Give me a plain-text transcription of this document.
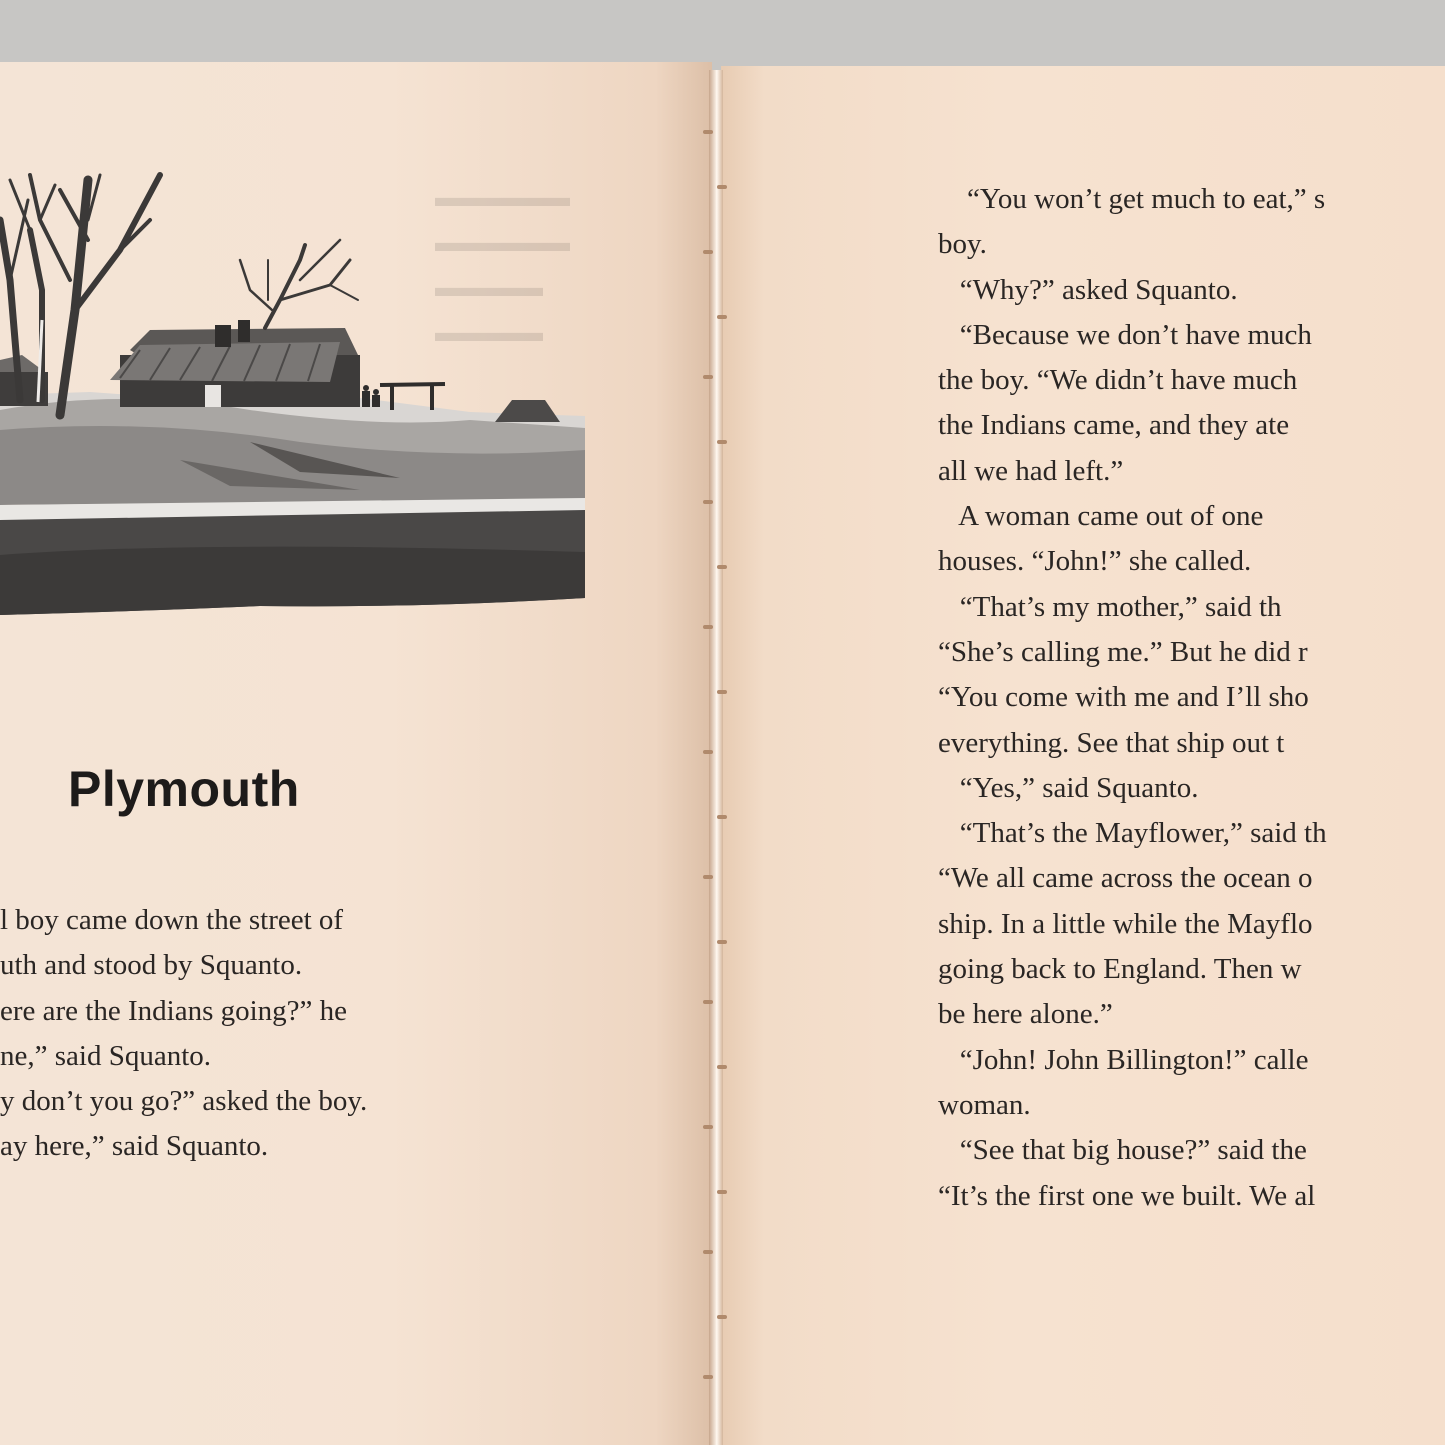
▬▬▬▬▬
▬▬▬▬▬
▬▬▬▬
▬▬▬▬
Plymouth
l boy came down the street of
uth and stood by Squanto.
ere are the Indians going?” he
ne,” said Squanto.
y don’t you go?” asked the boy.
ay here,” said Squanto.
“You won’t get much to eat,” s
boy.
“Why?” asked Squanto.
“Because we don’t have much
the boy. “We didn’t have much
the Indians came, and they ate
all we had left.”
A woman came out of one
houses. “John!” she called.
“That’s my mother,” said th
“She’s calling me.” But he did r
“You come with me and I’ll sho
everything. See that ship out t
“Yes,” said Squanto.
“That’s the Mayflower,” said th
“We all came across the ocean o
ship. In a little while the Mayflo
going back to England. Then w
be here alone.”
“John! John Billington!” calle
woman.
“See that big house?” said the
“It’s the first one we built. We al
